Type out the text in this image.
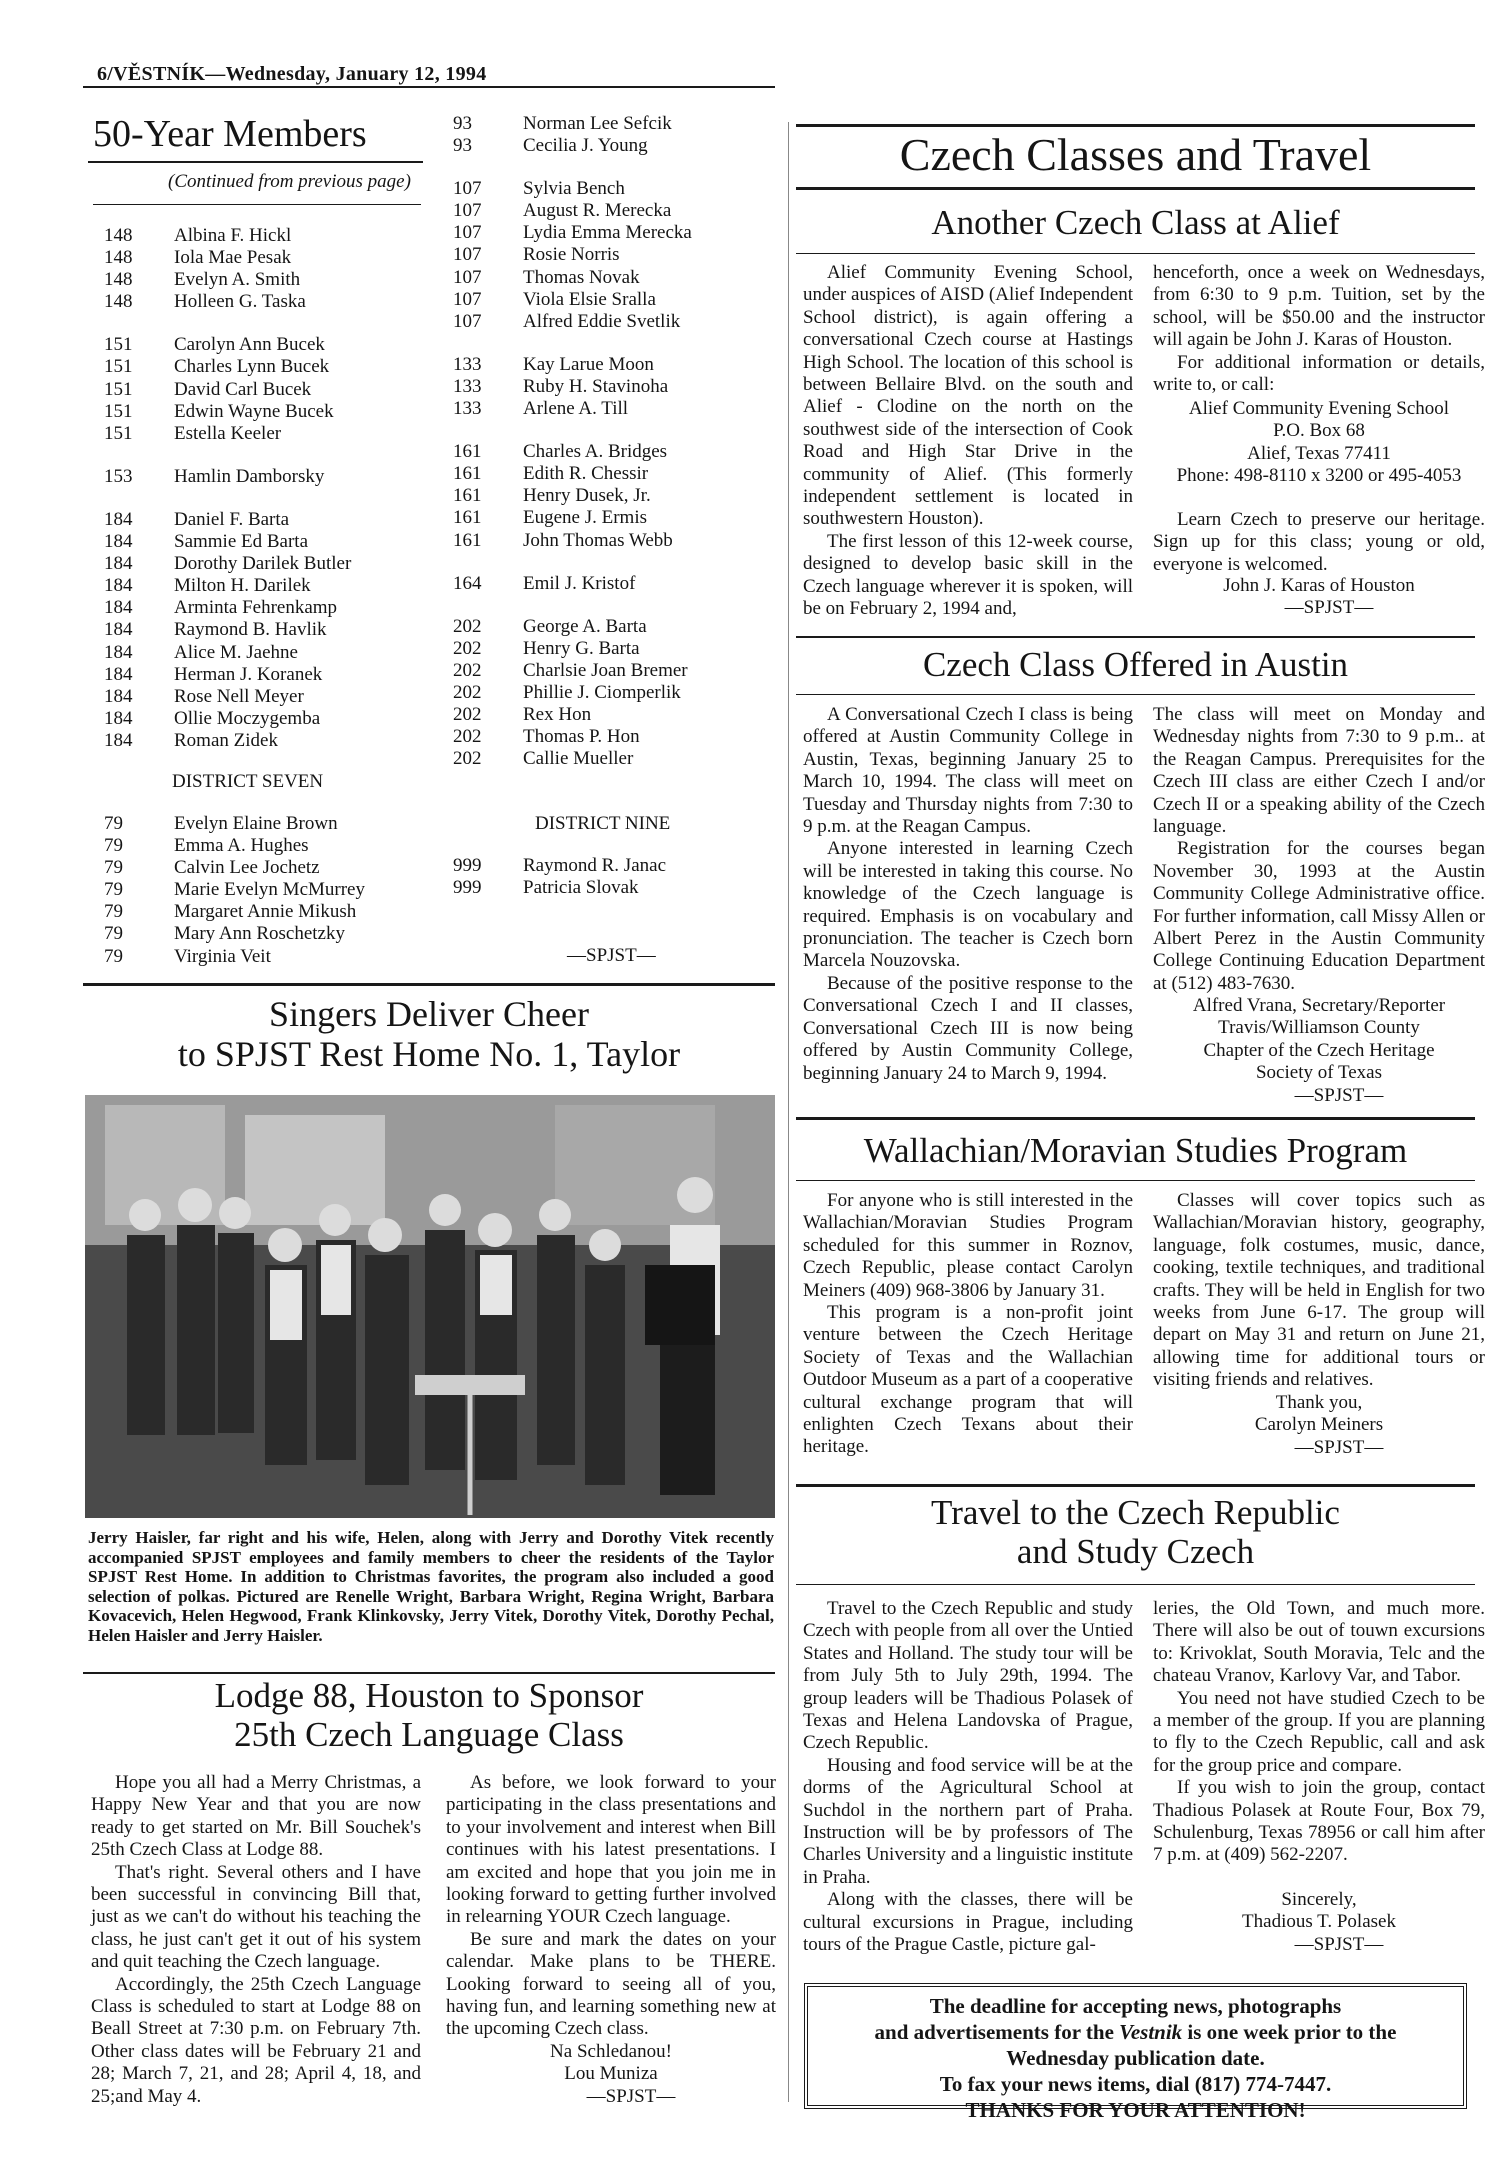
6/VĚSTNÍK—Wednesday, January 12, 1994
50-Year Members
(Continued from previous page)
148	Albina F. Hickl
148	Iola Mae Pesak
148	Evelyn A. Smith
148	Holleen G. Taska
151	Carolyn Ann Bucek
151	Charles Lynn Bucek
151	David Carl Bucek
151	Edwin Wayne Bucek
151	Estella Keeler
153	Hamlin Damborsky
184	Daniel F. Barta
184	Sammie Ed Barta
184	Dorothy Darilek Butler
184	Milton H. Darilek
184	Arminta Fehrenkamp
184	Raymond B. Havlik
184	Alice M. Jaehne
184	Herman J. Koranek
184	Rose Nell Meyer
184	Ollie Moczygemba
184	Roman Zidek
93	Norman Lee Sefcik
93	Cecilia J. Young
107	Sylvia Bench
107	August R. Merecka
107	Lydia Emma Merecka
107	Rosie Norris
107	Thomas Novak
107	Viola Elsie Sralla
107	Alfred Eddie Svetlik
133	Kay Larue Moon
133	Ruby H. Stavinoha
133	Arlene A. Till
161	Charles A. Bridges
161	Edith R. Chessir
161	Henry Dusek, Jr.
161	Eugene J. Ermis
161	John Thomas Webb
164	Emil J. Kristof
202	George A. Barta
202	Henry G. Barta
202	Charlsie Joan Bremer
202	Phillie J. Ciomperlik
202	Rex Hon
202	Thomas P. Hon
202	Callie Mueller
DISTRICT SEVEN
79	Evelyn Elaine Brown
79	Emma A. Hughes
79	Calvin Lee Jochetz
79	Marie Evelyn McMurrey
79	Margaret Annie Mikush
79	Mary Ann Roschetzky
79	Virginia Veit
DISTRICT NINE
999	Raymond R. Janac
999	Patricia Slovak
—SPJST—
Singers Deliver Cheer
to SPJST Rest Home No. 1, Taylor
Jerry Haisler, far right and his wife, Helen, along with Jerry and Dorothy Vitek recently accompanied SPJST employees and family members to cheer the residents of the Taylor SPJST Rest Home. In addition to Christmas favorites, the program also included a good selection of polkas. Pictured are Renelle Wright, Barbara Wright, Regina Wright, Barbara Kovacevich, Helen Hegwood, Frank Klinkovsky, Jerry Vitek, Dorothy Vitek, Dorothy Pechal, Helen Haisler and Jerry Haisler.
Lodge 88, Houston to Sponsor
25th Czech Language Class

Hope you all had a Merry Christmas, a Happy New Year and that you are now ready to get started on Mr. Bill Souchek's 25th Czech Class at Lodge 88.

That's right. Several others and I have been successful in convincing Bill that, just as we can't do without his teaching the class, he just can't get it out of his system and quit teaching the Czech language.

Accordingly, the 25th Czech Language Class is scheduled to start at Lodge 88 on Beall Street at 7:30 p.m. on February 7th. Other class dates will be February 21 and 28; March 7, 21, and 28; April 4, 18, and 25;and May 4.

As before, we look forward to your participating in the class presentations and to your involvement and interest when Bill continues with his latest presentations. I am excited and hope that you join me in looking forward to getting further involved in relearning YOUR Czech language.

Be sure and mark the dates on your calendar. Make plans to be THERE. Looking forward to seeing all of you, having fun, and learning something new at the upcoming Czech class.

Na Schledanou!
Lou Muniza
—SPJST—
Czech Classes and Travel
Another Czech Class at Alief

Alief Community Evening School, under auspices of AISD (Alief Independent School district), is again offering a conversational Czech course at Hastings High School. The location of this school is between Bellaire Blvd. on the south and Alief - Clodine on the north on the southwest side of the intersection of Cook Road and High Star Drive in the community of Alief. (This formerly independent settlement is located in southwestern Houston).

The first lesson of this 12-week course, designed to develop basic skill in the Czech language wherever it is spoken, will be on February 2, 1994 and,

henceforth, once a week on Wednesdays, from 6:30 to 9 p.m. Tuition, set by the school, will be $50.00 and the instructor will again be John J. Karas of Houston.

For additional information or details, write to, or call:

Alief Community Evening School
P.O. Box 68
Alief, Texas 77411
Phone: 498-8110 x 3200 or 495-4053

Learn Czech to preserve our heritage. Sign up for this class; young or old, everyone is welcomed.

John J. Karas of Houston
—SPJST—
Czech Class Offered in Austin

A Conversational Czech I class is being offered at Austin Community College in Austin, Texas, beginning January 25 to March 10, 1994. The class will meet on Tuesday and Thursday nights from 7:30 to 9 p.m. at the Reagan Campus.

Anyone interested in learning Czech will be interested in taking this course. No knowledge of the Czech language is required. Emphasis is on vocabulary and pronunciation. The teacher is Czech born Marcela Nouzovska.

Because of the positive response to the Conversational Czech I and II classes, Conversational Czech III is now being offered by Austin Community College, beginning January 24 to March 9, 1994.

The class will meet on Monday and Wednesday nights from 7:30 to 9 p.m.. at the Reagan Campus. Prerequisites for the Czech III class are either Czech I and/or Czech II or a speaking ability of the Czech language.

Registration for the courses began November 30, 1993 at the Austin Community College Administrative office. For further information, call Missy Allen or Albert Perez in the Austin Community College Continuing Education Department at (512) 483-7630.

Alfred Vrana, Secretary/Reporter
Travis/Williamson County
Chapter of the Czech Heritage
Society of Texas
—SPJST—
Wallachian/Moravian Studies Program

For anyone who is still interested in the Wallachian/Moravian Studies Program scheduled for this summer in Roznov, Czech Republic, please contact Carolyn Meiners (409) 968-3806 by January 31.

This program is a non-profit joint venture between the Czech Heritage Society of Texas and the Wallachian Outdoor Museum as a part of a cooperative cultural exchange program that will enlighten Czech Texans about their heritage.

Classes will cover topics such as Wallachian/Moravian history, geography, language, folk costumes, music, dance, cooking, textile techniques, and traditional crafts. They will be held in English for two weeks from June 6-17. The group will depart on May 31 and return on June 21, allowing time for additional tours or visiting friends and relatives.

Thank you,
Carolyn Meiners
—SPJST—
Travel to the Czech Republic
and Study Czech

Travel to the Czech Republic and study Czech with people from all over the Untied States and Holland. The study tour will be from July 5th to July 29th, 1994. The group leaders will be Thadious Polasek of Texas and Helena Landovska of Prague, Czech Republic.

Housing and food service will be at the dorms of the Agricultural School at Suchdol in the northern part of Praha. Instruction will be by professors of The Charles University and a linguistic institute in Praha.

Along with the classes, there will be cultural excursions in Prague, including tours of the Prague Castle, picture gal-

leries, the Old Town, and much more. There will also be out of touwn excursions to: Krivoklat, South Moravia, Telc and the chateau Vranov, Karlovy Var, and Tabor.

You need not have studied Czech to be a member of the group. If you are planning to fly to the Czech Republic, call and ask for the group price and compare.

If you wish to join the group, contact Thadious Polasek at Route Four, Box 79, Schulenburg, Texas 78956 or call him after 7 p.m. at (409) 562-2207.

Sincerely,
Thadious T. Polasek
—SPJST—
The deadline for accepting news, photographs
and advertisements for the Vestnik is one week prior to the
Wednesday publication date.
To fax your news items, dial (817) 774-7447.
THANKS FOR YOUR ATTENTION!
